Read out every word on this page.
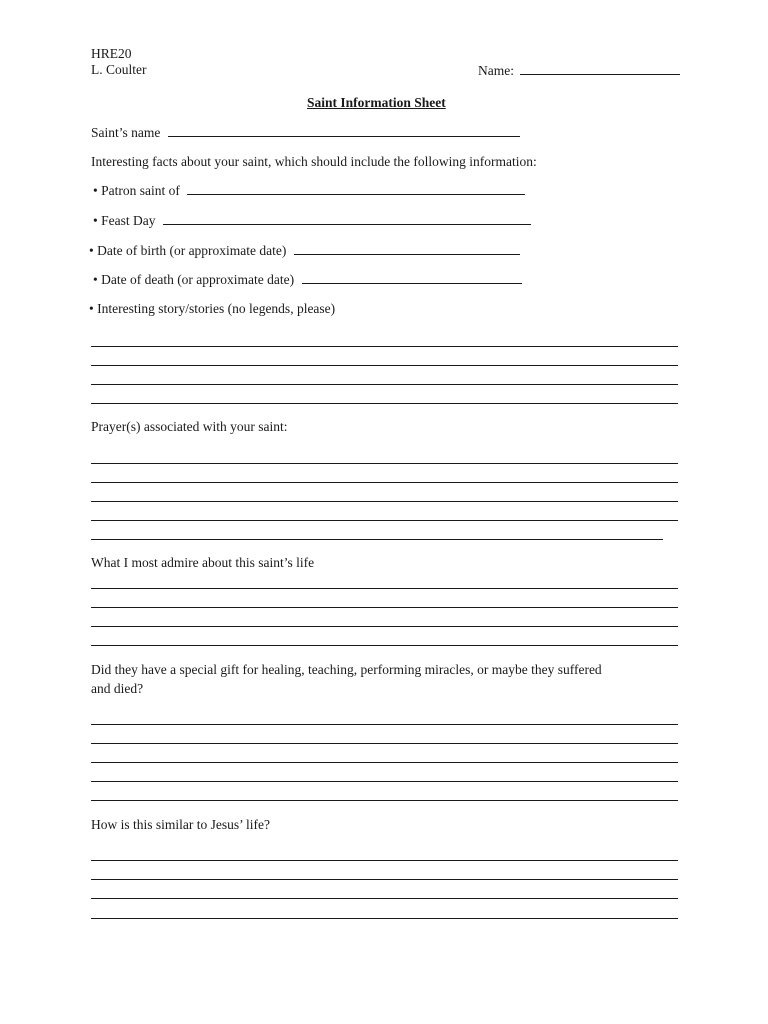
HRE20
L. Coulter	Name:
Saint Information Sheet
Saint’s name
Interesting facts about your saint, which should include the following information:
• Patron saint of
• Feast Day
• Date of birth (or approximate date)
• Date of death (or approximate date)
• Interesting story/stories (no legends, please)
Prayer(s) associated with your saint:
What I most admire about this saint’s life
Did they have a special gift for healing, teaching, performing miracles, or maybe they suffered
and died?
How is this similar to Jesus’ life?
